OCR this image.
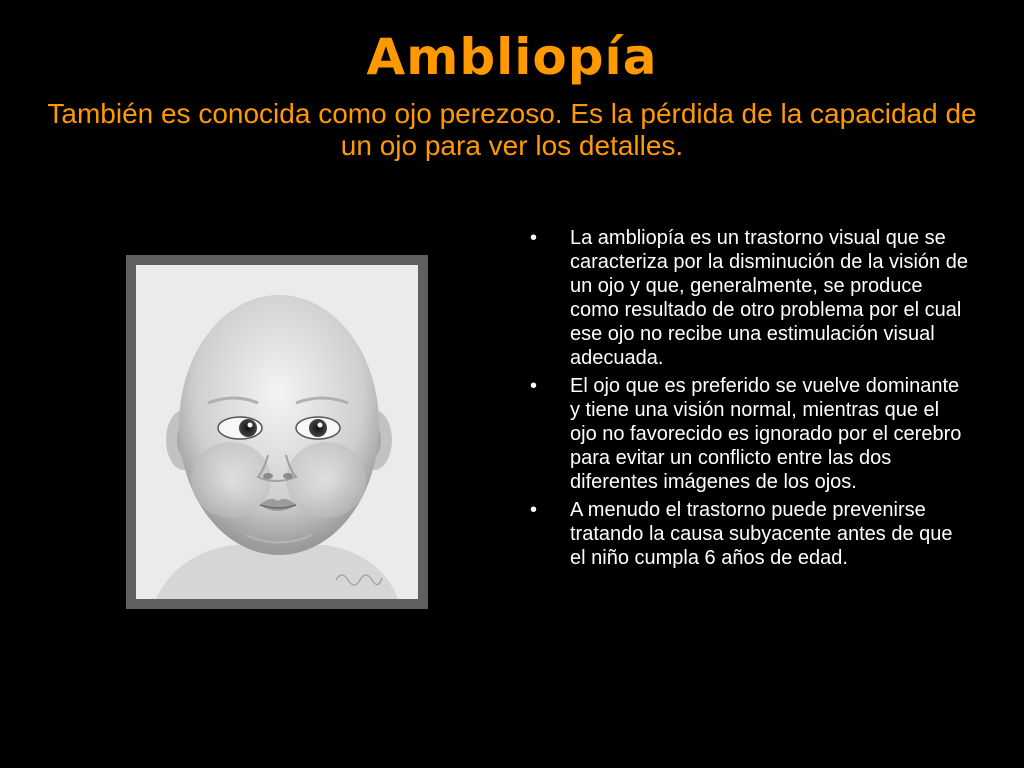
Ambliopía
También es conocida como ojo perezoso. Es la pérdida de la capacidad de un ojo para ver los detalles.
•	La ambliopía es un trastorno visual que se caracteriza por la disminución de la visión de un ojo y que, generalmente, se produce como resultado de otro problema por el cual ese ojo no recibe una estimulación visual adecuada.
•	El ojo que es preferido se vuelve dominante y tiene una visión normal, mientras que el ojo no favorecido es ignorado por el cerebro para evitar un conflicto entre las dos diferentes imágenes de los ojos.
•	A menudo el trastorno puede prevenirse tratando la causa subyacente antes de que el niño cumpla 6 años de edad.
